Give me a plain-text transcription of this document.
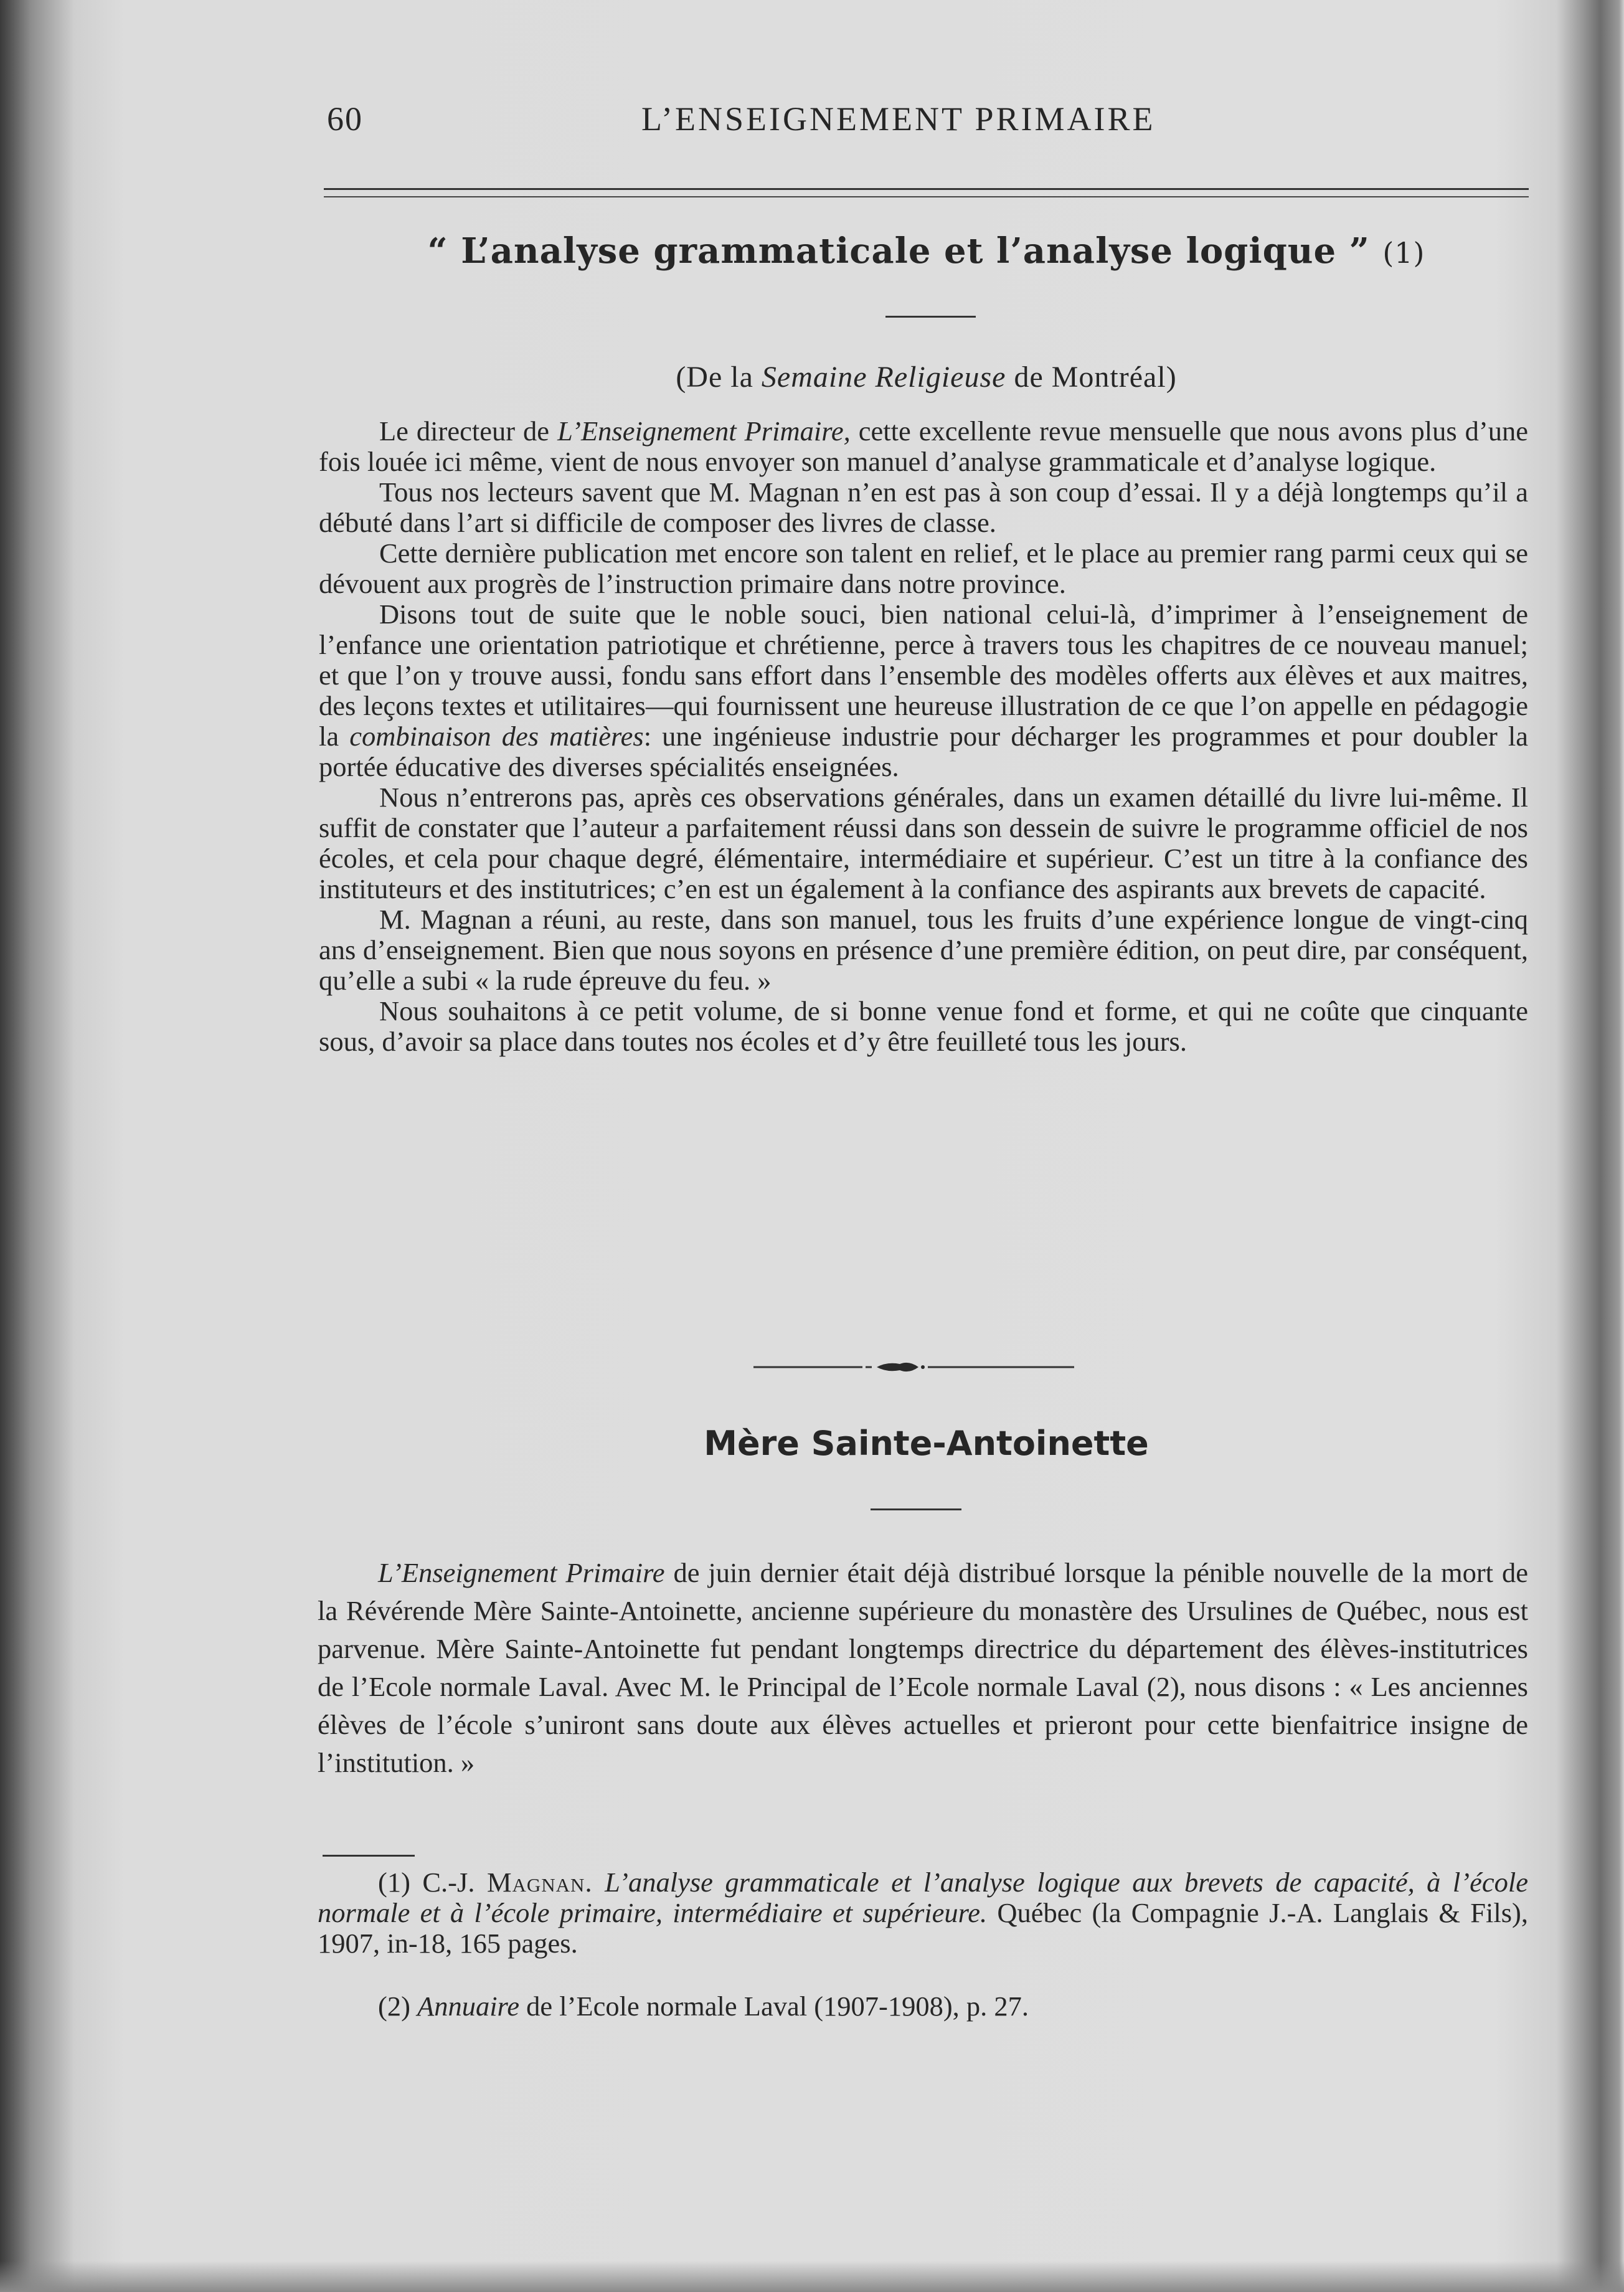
60	L’ENSEIGNEMENT PRIMAIRE
“ L’analyse grammaticale et l’analyse logique ” (1)
(De la Semaine Religieuse de Montréal)

Le directeur de L’Enseignement Primaire, cette excellente revue mensuelle que nous avons plus d’une fois louée ici même, vient de nous envoyer son manuel d’analyse grammaticale et d’analyse logique.

Tous nos lecteurs savent que M. Magnan n’en est pas à son coup d’essai. Il y a déjà longtemps qu’il a débuté dans l’art si difficile de composer des livres de classe.

Cette dernière publication met encore son talent en relief, et le place au premier rang parmi ceux qui se dévouent aux progrès de l’instruction primaire dans notre province.

Disons tout de suite que le noble souci, bien national celui-là, d’imprimer à l’enseignement de l’enfance une orientation patriotique et chrétienne, perce à travers tous les chapitres de ce nouveau manuel; et que l’on y trouve aussi, fondu sans effort dans l’ensemble des modèles offerts aux élèves et aux maitres, des leçons textes et utilitaires—qui fournissent une heureuse illustration de ce que l’on appelle en pédagogie la combinaison des matières: une ingénieuse industrie pour décharger les programmes et pour doubler la portée éducative des diverses spécialités enseignées.

Nous n’entrerons pas, après ces observations générales, dans un examen détaillé du livre lui-même. Il suffit de constater que l’auteur a parfaitement réussi dans son dessein de suivre le programme officiel de nos écoles, et cela pour chaque degré, élémentaire, intermédiaire et supérieur. C’est un titre à la confiance des instituteurs et des institutrices; c’en est un également à la confiance des aspirants aux brevets de capacité.

M. Magnan a réuni, au reste, dans son manuel, tous les fruits d’une expérience longue de vingt-cinq ans d’enseignement. Bien que nous soyons en présence d’une première édition, on peut dire, par conséquent, qu’elle a subi « la rude épreuve du feu. »

Nous souhaitons à ce petit volume, de si bonne venue fond et forme, et qui ne coûte que cinquante sous, d’avoir sa place dans toutes nos écoles et d’y être feuilleté tous les jours.

Mère Sainte-Antoinette

L’Enseignement Primaire de juin dernier était déjà distribué lorsque la pénible nouvelle de la mort de la Révérende Mère Sainte-Antoinette, ancienne supérieure du monastère des Ursulines de Québec, nous est parvenue. Mère Sainte-Antoinette fut pendant longtemps directrice du département des élèves-institutrices de l’Ecole normale Laval. Avec M. le Principal de l’Ecole normale Laval (2), nous disons : « Les anciennes élèves de l’école s’uniront sans doute aux élèves actuelles et prieront pour cette bienfaitrice insigne de l’institution. »

(1) C.-J. Magnan. L’analyse grammaticale et l’analyse logique aux brevets de capacité, à l’école normale et à l’école primaire, intermédiaire et supérieure. Québec (la Compagnie J.-A. Langlais & Fils), 1907, in-18, 165 pages.

(2) Annuaire de l’Ecole normale Laval (1907-1908), p. 27.
